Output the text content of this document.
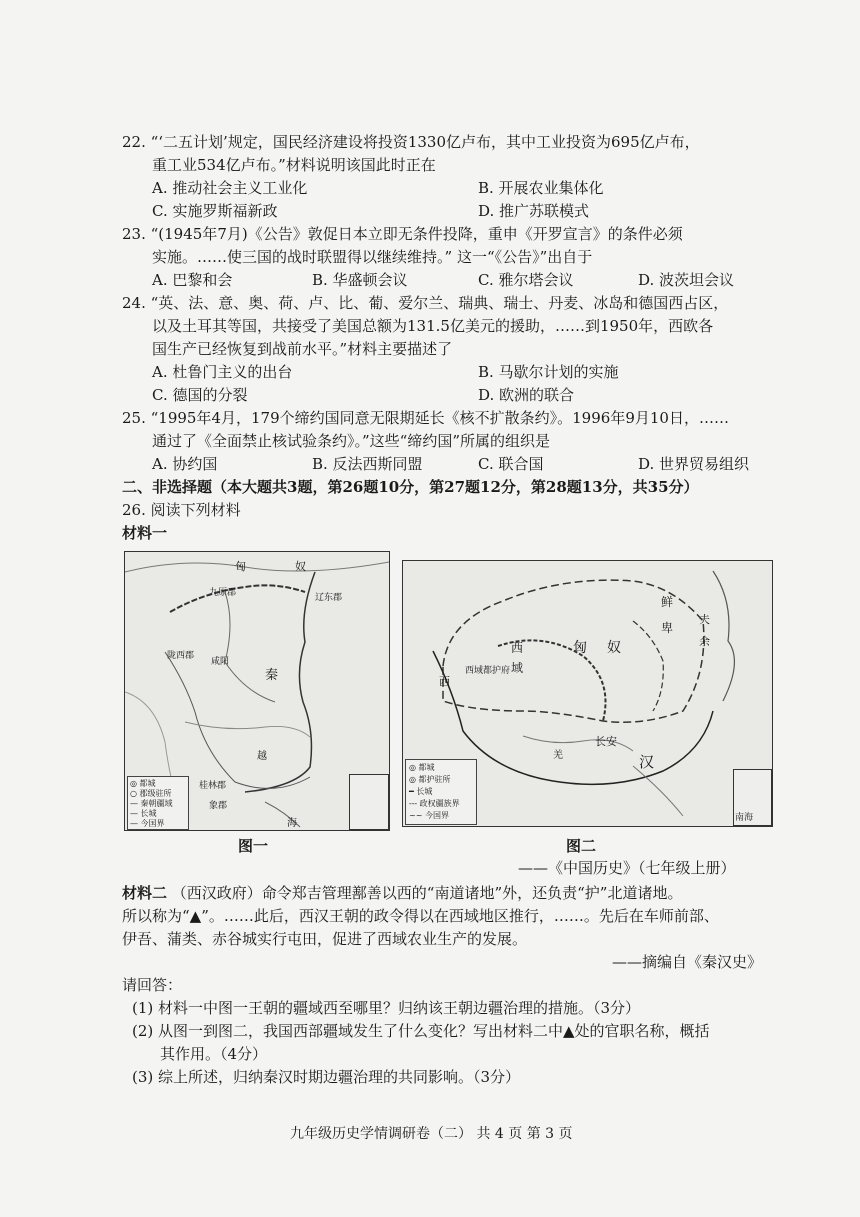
22. “‘二五计划’规定，国民经济建设将投资1330亿卢布，其中工业投资为695亿卢布，
重工业534亿卢布。”材料说明该国此时正在
A. 推动社会主义工业化	B. 开展农业集体化
C. 实施罗斯福新政	D. 推广苏联模式
23. “(1945年7月)《公告》敦促日本立即无条件投降，重申《开罗宣言》的条件必须
实施。……使三国的战时联盟得以继续维持。” 这一“《公告》”出自于
A. 巴黎和会	B. 华盛顿会议	C. 雅尔塔会议	D. 波茨坦会议
24. “英、法、意、奥、荷、卢、比、葡、爱尔兰、瑞典、瑞士、丹麦、冰岛和德国西占区，
以及土耳其等国，共接受了美国总额为131.5亿美元的援助，……到1950年，西欧各
国生产已经恢复到战前水平。”材料主要描述了
A. 杜鲁门主义的出台	B. 马歇尔计划的实施
C. 德国的分裂	D. 欧洲的联合
25. “1995年4月，179个缔约国同意无限期延长《核不扩散条约》。1996年9月10日，……
通过了《全面禁止核试验条约》。”这些“缔约国”所属的组织是
A. 协约国	B. 反法西斯同盟	C. 联合国	D. 世界贸易组织
二、非选择题（本大题共3题，第26题10分，第27题12分，第28题13分，共35分）
26. 阅读下列材料
材料一
匈	奴
九原郡	辽东郡
陇西郡
咸阳
秦
越
桂林郡
象郡
海
◎ 都城
○ 郡级驻所
— 秦朝疆域
— 长城
— 今国界
图一
鲜
卑
夫
余
匈 奴
西
域
西域都护府
西
长安
汉
羌
◎ 都城
◎ 都护驻所
━ 长城
--- 政权疆族界
~~ 今国界	南海
图二
——《中国历史》（七年级上册）
材料二 （西汉政府）命令郑吉管理鄯善以西的“南道诸地”外，还负责“护”北道诸地。
所以称为“▲”。……此后，西汉王朝的政令得以在西域地区推行，……。先后在车师前部、
伊吾、蒲类、赤谷城实行屯田，促进了西域农业生产的发展。
——摘编自《秦汉史》
请回答：
(1) 材料一中图一王朝的疆域西至哪里？归纳该王朝边疆治理的措施。（3分）
(2) 从图一到图二，我国西部疆域发生了什么变化？写出材料二中▲处的官职名称，概括
其作用。（4分）
(3) 综上所述，归纳秦汉时期边疆治理的共同影响。（3分）
九年级历史学情调研卷（二） 共 4 页 第 3 页
